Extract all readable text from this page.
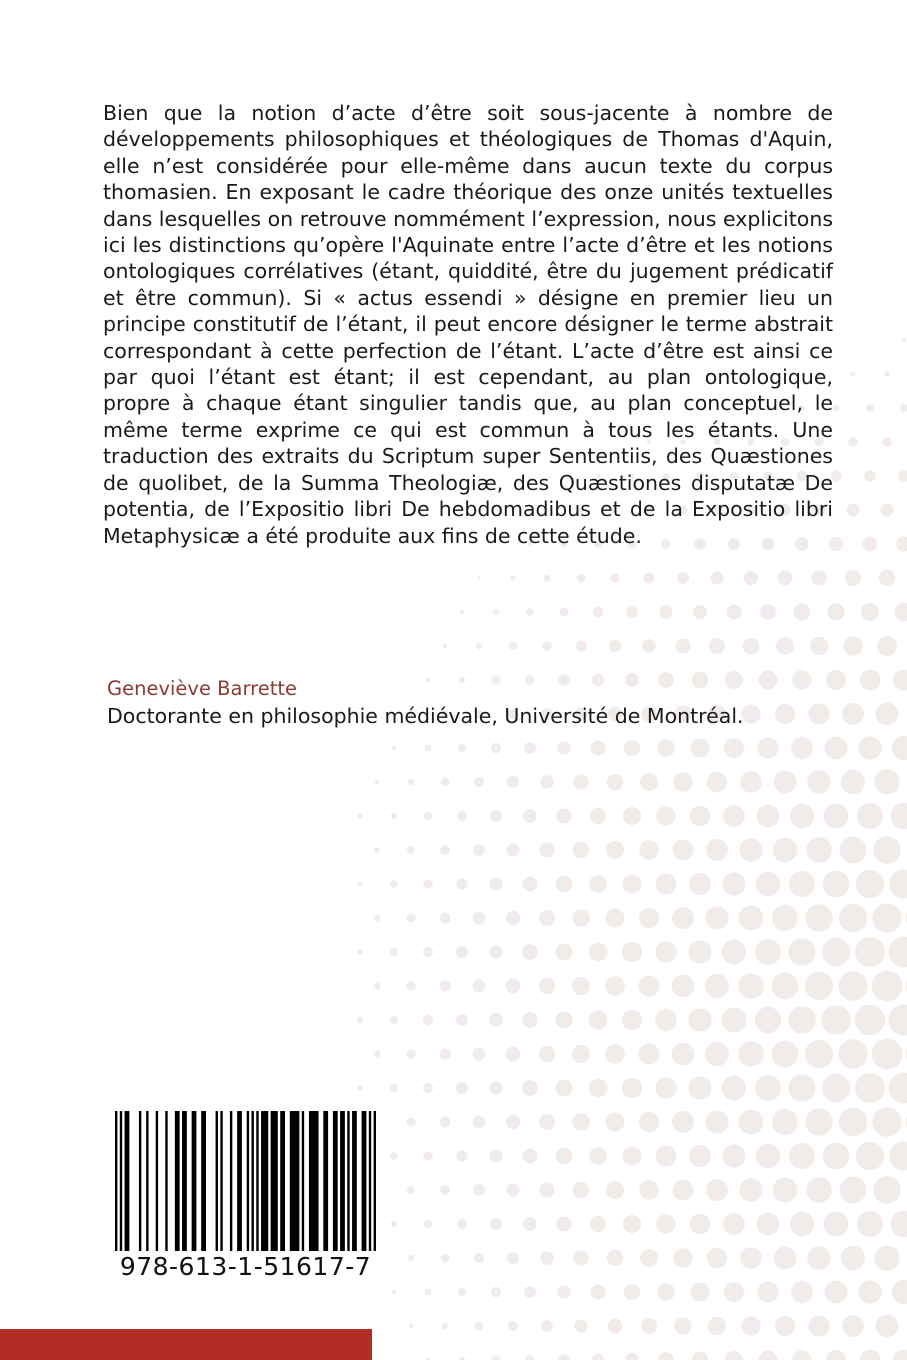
Bien que la notion d’acte d’être soit sous-jacente à nombre de développements philosophiques et théologiques de Thomas d'Aquin, elle n’est considérée pour elle-même dans aucun texte du corpus thomasien. En exposant le cadre théorique des onze unités textuelles dans lesquelles on retrouve nommément l’expression, nous explicitons ici les distinctions qu’opère l'Aquinate entre l’acte d’être et les notions ontologiques corrélatives (étant, quiddité, être du jugement prédicatif et être commun). Si « actus essendi » désigne en premier lieu un principe constitutif de l’étant, il peut encore désigner le terme abstrait correspondant à cette perfection de l’étant. L’acte d’être est ainsi ce par quoi l’étant est étant; il est cependant, au plan ontologique, propre à chaque étant singulier tandis que, au plan conceptuel, le même terme exprime ce qui est commun à tous les étants. Une traduction des extraits du Scriptum super Sententiis, des Quæstiones de quolibet, de la Summa Theologiæ, des Quæstiones disputatæ De potentia, de l’Expositio libri De hebdomadibus et de la Expositio libri Metaphysicæ a été produite aux fins de cette étude.

Geneviève Barrette
Doctorante en philosophie médiévale, Université de Montréal.
978-613-1-51617-7
